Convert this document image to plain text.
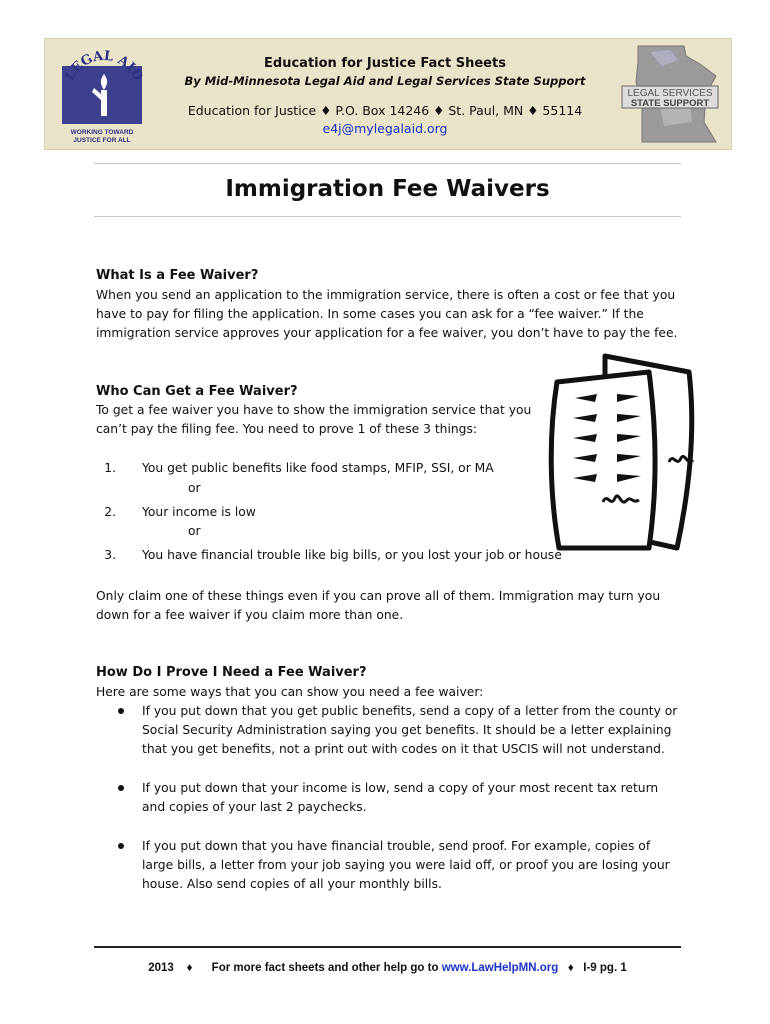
LEGAL AID
WORKING TOWARD
JUSTICE FOR ALL
Education for Justice Fact Sheets
By Mid-Minnesota Legal Aid and Legal Services State Support
Education for Justice ♦ P.O. Box 14246 ♦ St. Paul, MN ♦ 55114
e4j@mylegalaid.org
LEGAL SERVICES
STATE SUPPORT
Immigration Fee Waivers
What Is a Fee Waiver?
When you send an application to the immigration service, there is often a cost or fee that you
have to pay for filing the application. In some cases you can ask for a “fee waiver.” If the
immigration service approves your application for a fee waiver, you don’t have to pay the fee.
Who Can Get a Fee Waiver?
To get a fee waiver you have to show the immigration service that you
can’t pay the filing fee. You need to prove 1 of these 3 things:
1. You get public benefits like food stamps, MFIP, SSI, or MA
or
2. Your income is low
or
3. You have financial trouble like big bills, or you lost your job or house
Only claim one of these things even if you can prove all of them. Immigration may turn you
down for a fee waiver if you claim more than one.
How Do I Prove I Need a Fee Waiver?
Here are some ways that you can show you need a fee waiver:
If you put down that you get public benefits, send a copy of a letter from the county or
Social Security Administration saying you get benefits. It should be a letter explaining
that you get benefits, not a print out with codes on it that USCIS will not understand.
If you put down that your income is low, send a copy of your most recent tax return
and copies of your last 2 paychecks.
If you put down that you have financial trouble, send proof. For example, copies of
large bills, a letter from your job saying you were laid off, or proof you are losing your
house. Also send copies of all your monthly bills.
2013 ♦ For more fact sheets and other help go to www.LawHelpMN.org ♦ I-9 pg. 1
